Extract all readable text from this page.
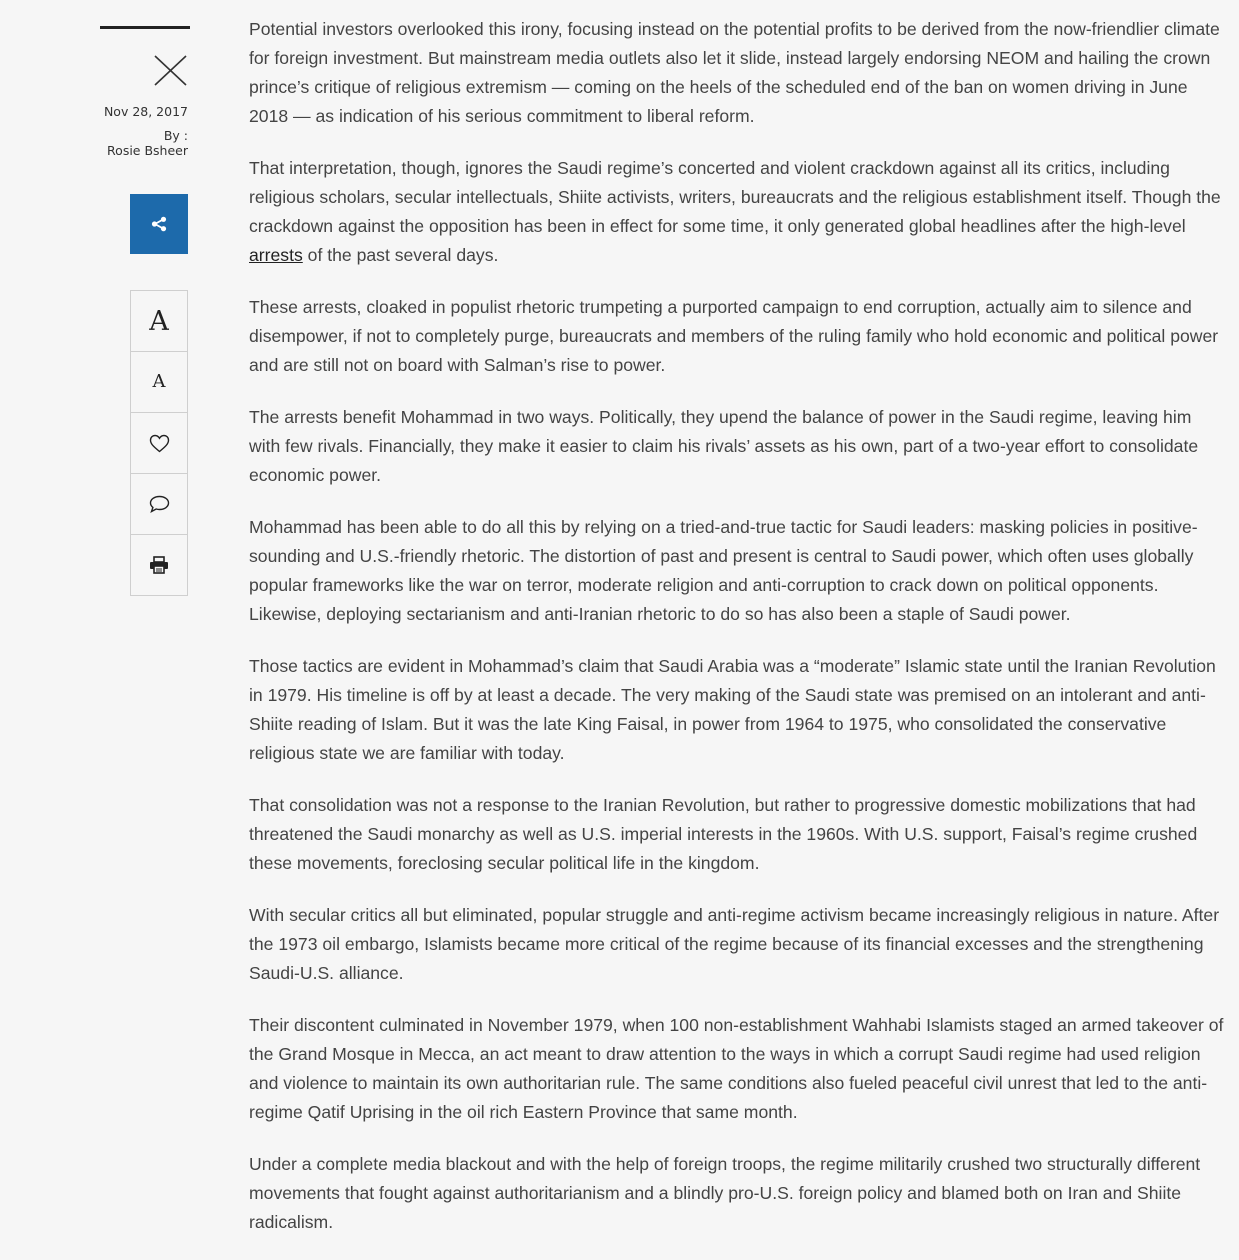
Nov 28, 2017
By :
Rosie Bsheer
A
A

Potential investors overlooked this irony, focusing instead on the potential profits to be derived from the now-friendlier climate for foreign investment. But mainstream media outlets also let it slide, instead largely endorsing NEOM and hailing the crown prince’s critique of religious extremism — coming on the heels of the scheduled end of the ban on women driving in June 2018 — as indication of his serious commitment to liberal reform.

That interpretation, though, ignores the Saudi regime’s concerted and violent crackdown against all its critics, including religious scholars, secular intellectuals, Shiite activists, writers, bureaucrats and the religious establishment itself. Though the crackdown against the opposition has been in effect for some time, it only generated global headlines after the high-level arrests of the past several days.

These arrests, cloaked in populist rhetoric trumpeting a purported campaign to end corruption, actually aim to silence and disempower, if not to completely purge, bureaucrats and members of the ruling family who hold economic and political power and are still not on board with Salman’s rise to power.

The arrests benefit Mohammad in two ways. Politically, they upend the balance of power in the Saudi regime, leaving him with few rivals. Financially, they make it easier to claim his rivals’ assets as his own, part of a two-year effort to consolidate economic power.

Mohammad has been able to do all this by relying on a tried-and-true tactic for Saudi leaders: masking policies in positive-sounding and U.S.-friendly rhetoric. The distortion of past and present is central to Saudi power, which often uses globally popular frameworks like the war on terror, moderate religion and anti-corruption to crack down on political opponents. Likewise, deploying sectarianism and anti-Iranian rhetoric to do so has also been a staple of Saudi power.

Those tactics are evident in Mohammad’s claim that Saudi Arabia was a “moderate” Islamic state until the Iranian Revolution in 1979. His timeline is off by at least a decade. The very making of the Saudi state was premised on an intolerant and anti-Shiite reading of Islam. But it was the late King Faisal, in power from 1964 to 1975, who consolidated the conservative religious state we are familiar with today.

That consolidation was not a response to the Iranian Revolution, but rather to progressive domestic mobilizations that had threatened the Saudi monarchy as well as U.S. imperial interests in the 1960s. With U.S. support, Faisal’s regime crushed these movements, foreclosing secular political life in the kingdom.

With secular critics all but eliminated, popular struggle and anti-regime activism became increasingly religious in nature. After the 1973 oil embargo, Islamists became more critical of the regime because of its financial excesses and the strengthening Saudi-U.S. alliance.

Their discontent culminated in November 1979, when 100 non-establishment Wahhabi Islamists staged an armed takeover of the Grand Mosque in Mecca, an act meant to draw attention to the ways in which a corrupt Saudi regime had used religion and violence to maintain its own authoritarian rule. The same conditions also fueled peaceful civil unrest that led to the anti-regime Qatif Uprising in the oil rich Eastern Province that same month.

Under a complete media blackout and with the help of foreign troops, the regime militarily crushed two structurally different movements that fought against authoritarianism and a blindly pro-U.S. foreign policy and blamed both on Iran and Shiite radicalism.
